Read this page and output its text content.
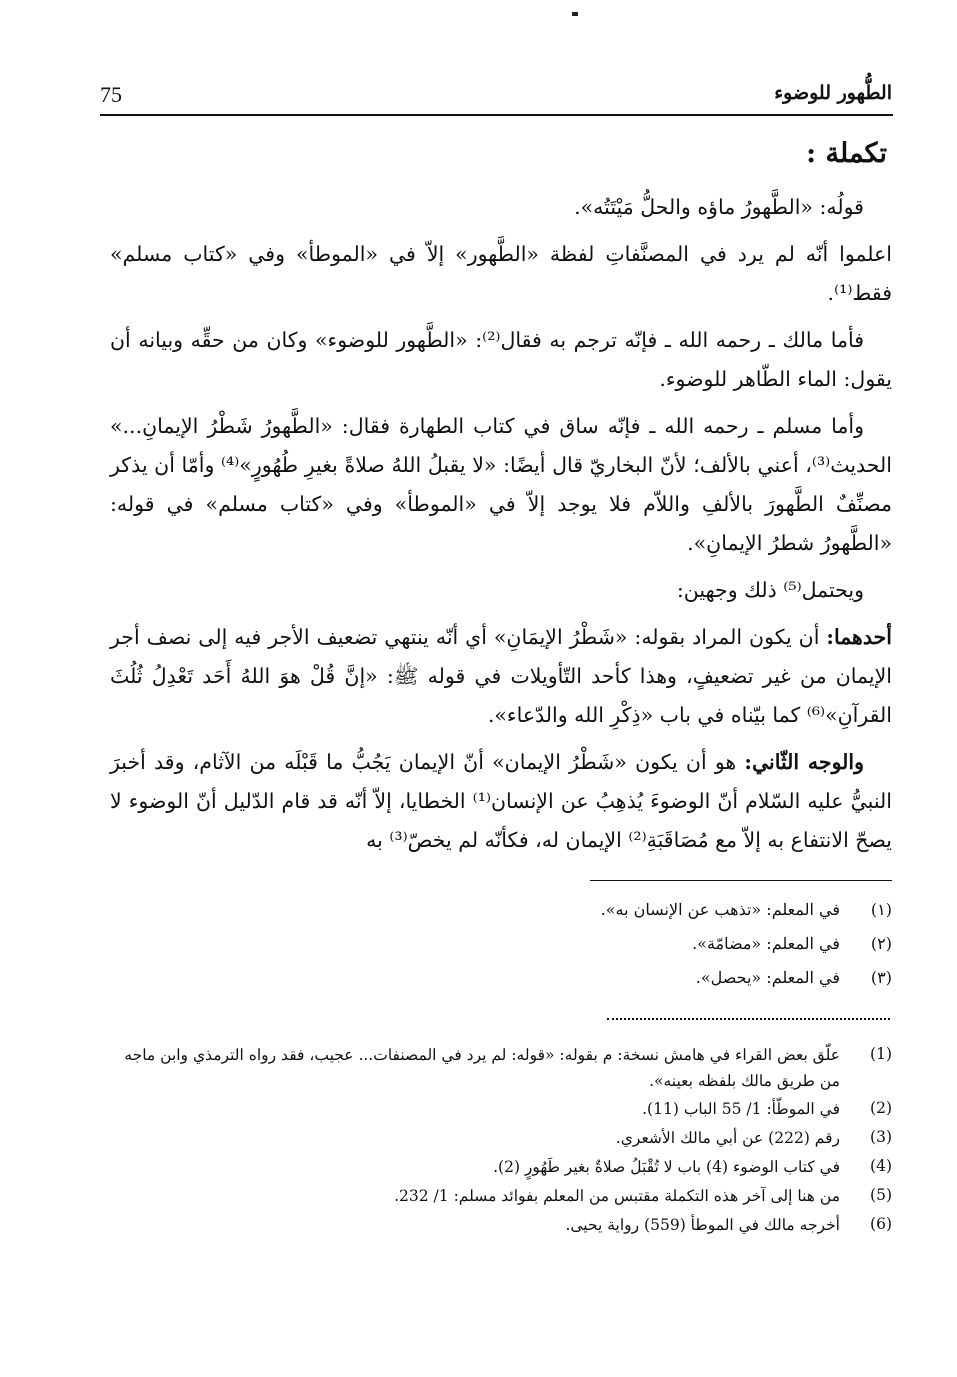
الطُّهور للوضوء
75
تكملة :

قولُه: «الطَّهورُ ماؤه والحلُّ مَيْتَتُه».

اعلموا أنّه لم يرد في المصنَّفاتِ لفظة «الطَّهور» إلاّ في «الموطأ» وفي «كتاب مسلم» فقط⁽¹⁾.

فأما مالك ـ رحمه الله ـ فإنّه ترجم به فقال⁽²⁾: «الطَّهور للوضوء» وكان من حقِّه وبيانه أن يقول: الماء الطّاهر للوضوء.

وأما مسلم ـ رحمه الله ـ فإنّه ساق في كتاب الطهارة فقال: «الطَّهورُ شَطْرُ الإيمانِ...» الحديث⁽³⁾، أعني بالألف؛ لأنّ البخاريّ قال أيضًا: «لا يقبلُ اللهُ صلاةً بغيرِ طُهُورٍ»⁽⁴⁾ وأمّا أن يذكر مصنِّفٌ الطَّهورَ بالألفِ واللاّم فلا يوجد إلاّ في «الموطأ» وفي «كتاب مسلم» في قوله: «الطَّهورُ شطرُ الإيمانِ».

ويحتمل⁽⁵⁾ ذلك وجهين:

أحدهما: أن يكون المراد بقوله: «شَطْرُ الإيمَانِ» أي أنّه ينتهي تضعيف الأجر فيه إلى نصف أجر الإيمان من غير تضعيفٍ، وهذا كأحد التّأويلات في قوله ﷺ: «إنَّ قُلْ هوَ اللهُ أَحَد تَعْدِلُ ثُلُثَ القرآنِ»⁽⁶⁾ كما بيّناه في باب «ذِكْرِ الله والدّعاء».

والوجه الثّاني: هو أن يكون «شَطْرُ الإيمان» أنّ الإيمان يَجُبُّ ما قَبْلَه من الآثام، وقد أخبرَ النبيُّ عليه السّلام أنّ الوضوءَ يُذهِبُ عن الإنسان⁽¹⁾ الخطايا، إلاّ أنّه قد قام الدّليل أنّ الوضوء لا يصحّ الانتفاع به إلاّ مع مُصَاقَبَةِ⁽²⁾ الإيمان له، فكأنّه لم يخصّ⁽³⁾ به

(١)
في المعلم: «تذهب عن الإنسان به».
(٢)
في المعلم: «مضامّة».
(٣)
في المعلم: «يحصل».
(1)
علّق بعض القراء في هامش نسخة: م بقوله: «قوله: لم يرد في المصنفات... عجيب، فقد رواه الترمذي وابن ماجه من طريق مالك بلفظه بعينه».
(2)
في الموطّأ: 1/ 55 الباب (11).
(3)
رقم (222) عن أبي مالك الأشعري.
(4)
في كتاب الوضوء (4) باب لا تُقْبَلُ صلاةٌ بغير طَهُورٍ (2).
(5)
من هنا إلى آخر هذه التكملة مقتبس من المعلم بفوائد مسلم: 1/ 232.
(6)
أخرجه مالك في الموطأ (559) رواية يحيى.
